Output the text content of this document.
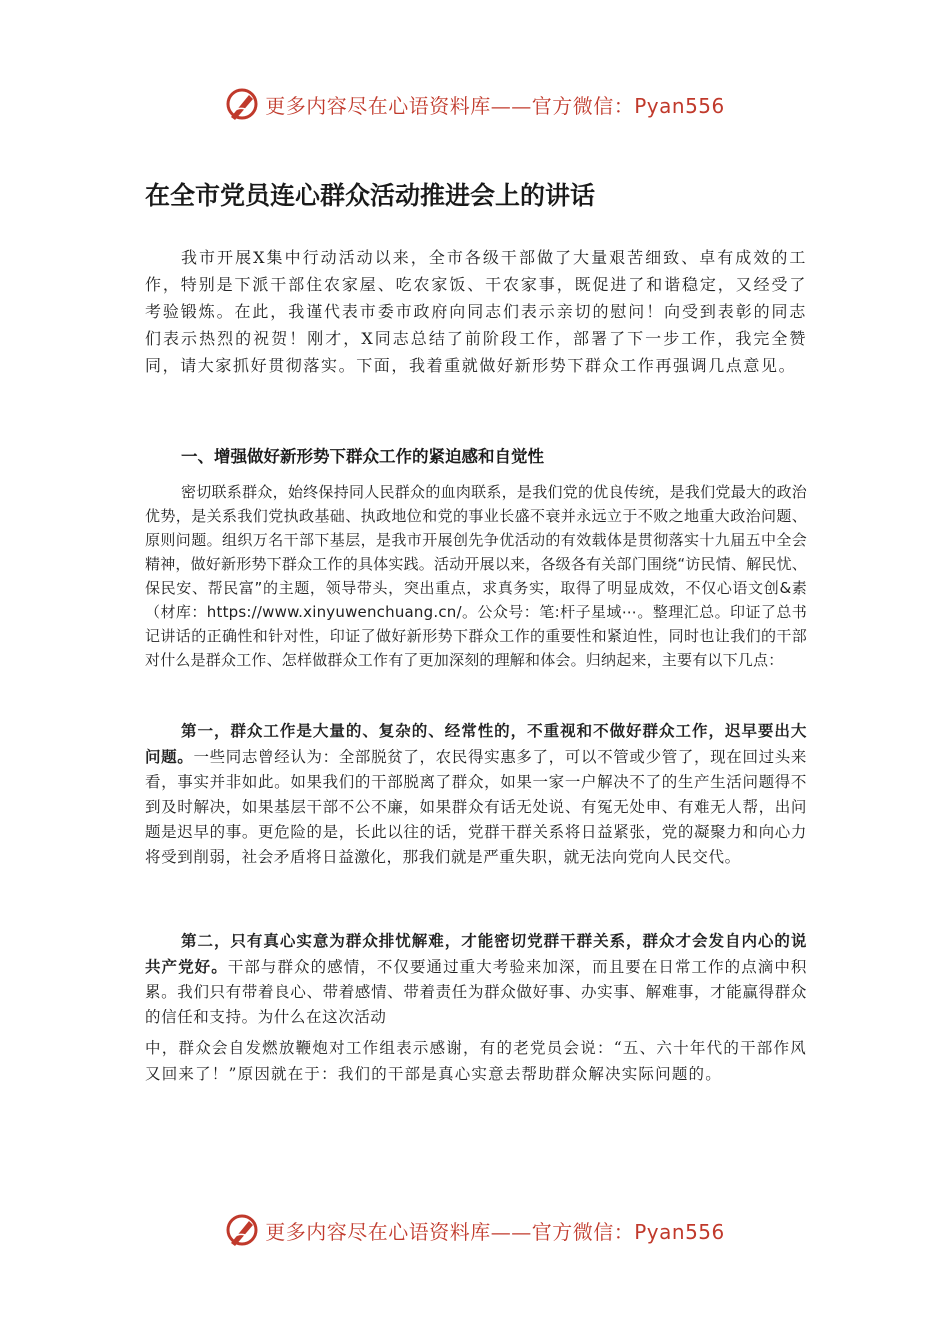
更多内容尽在心语资料库——官方微信：Pyan556
在全市党员连心群众活动推进会上的讲话

我市开展X集中行动活动以来，全市各级干部做了大量艰苦细致、卓有成效的工作，特别是下派干部住农家屋、吃农家饭、干农家事，既促进了和谐稳定，又经受了考验锻炼。在此，我谨代表市委市政府向同志们表示亲切的慰问！向受到表彰的同志们表示热烈的祝贺！刚才，X同志总结了前阶段工作，部署了下一步工作，我完全赞同，请大家抓好贯彻落实。下面，我着重就做好新形势下群众工作再强调几点意见。

一、增强做好新形势下群众工作的紧迫感和自觉性

密切联系群众，始终保持同人民群众的血肉联系，是我们党的优良传统，是我们党最大的政治优势，是关系我们党执政基础、执政地位和党的事业长盛不衰并永远立于不败之地重大政治问题、原则问题。组织万名干部下基层，是我市开展创先争优活动的有效载体是贯彻落实十九届五中全会精神，做好新形势下群众工作的具体实践。活动开展以来，各级各有关部门围绕“访民情、解民忧、保民安、帮民富”的主题，领导带头，突出重点，求真务实，取得了明显成效，不仅心语文创&素（材库：https://www.xinyuwenchuang.cn/。公众号：笔:杆子星域⋯。整理汇总。印证了总书记讲话的正确性和针对性，印证了做好新形势下群众工作的重要性和紧迫性，同时也让我们的干部对什么是群众工作、怎样做群众工作有了更加深刻的理解和体会。归纳起来，主要有以下几点：

第一，群众工作是大量的、复杂的、经常性的，不重视和不做好群众工作，迟早要出大问题。一些同志曾经认为：全部脱贫了，农民得实惠多了，可以不管或少管了，现在回过头来看，事实并非如此。如果我们的干部脱离了群众，如果一家一户解决不了的生产生活问题得不到及时解决，如果基层干部不公不廉，如果群众有话无处说、有冤无处申、有难无人帮，出问题是迟早的事。更危险的是，长此以往的话，党群干群关系将日益紧张，党的凝聚力和向心力将受到削弱，社会矛盾将日益激化，那我们就是严重失职，就无法向党向人民交代。

第二，只有真心实意为群众排忧解难，才能密切党群干群关系，群众才会发自内心的说共产党好。干部与群众的感情，不仅要通过重大考验来加深，而且要在日常工作的点滴中积累。我们只有带着良心、带着感情、带着责任为群众做好事、办实事、解难事，才能赢得群众的信任和支持。为什么在这次活动

中，群众会自发燃放鞭炮对工作组表示感谢，有的老党员会说：“五、六十年代的干部作风又回来了！”原因就在于：我们的干部是真心实意去帮助群众解决实际问题的。

更多内容尽在心语资料库——官方微信：Pyan556
